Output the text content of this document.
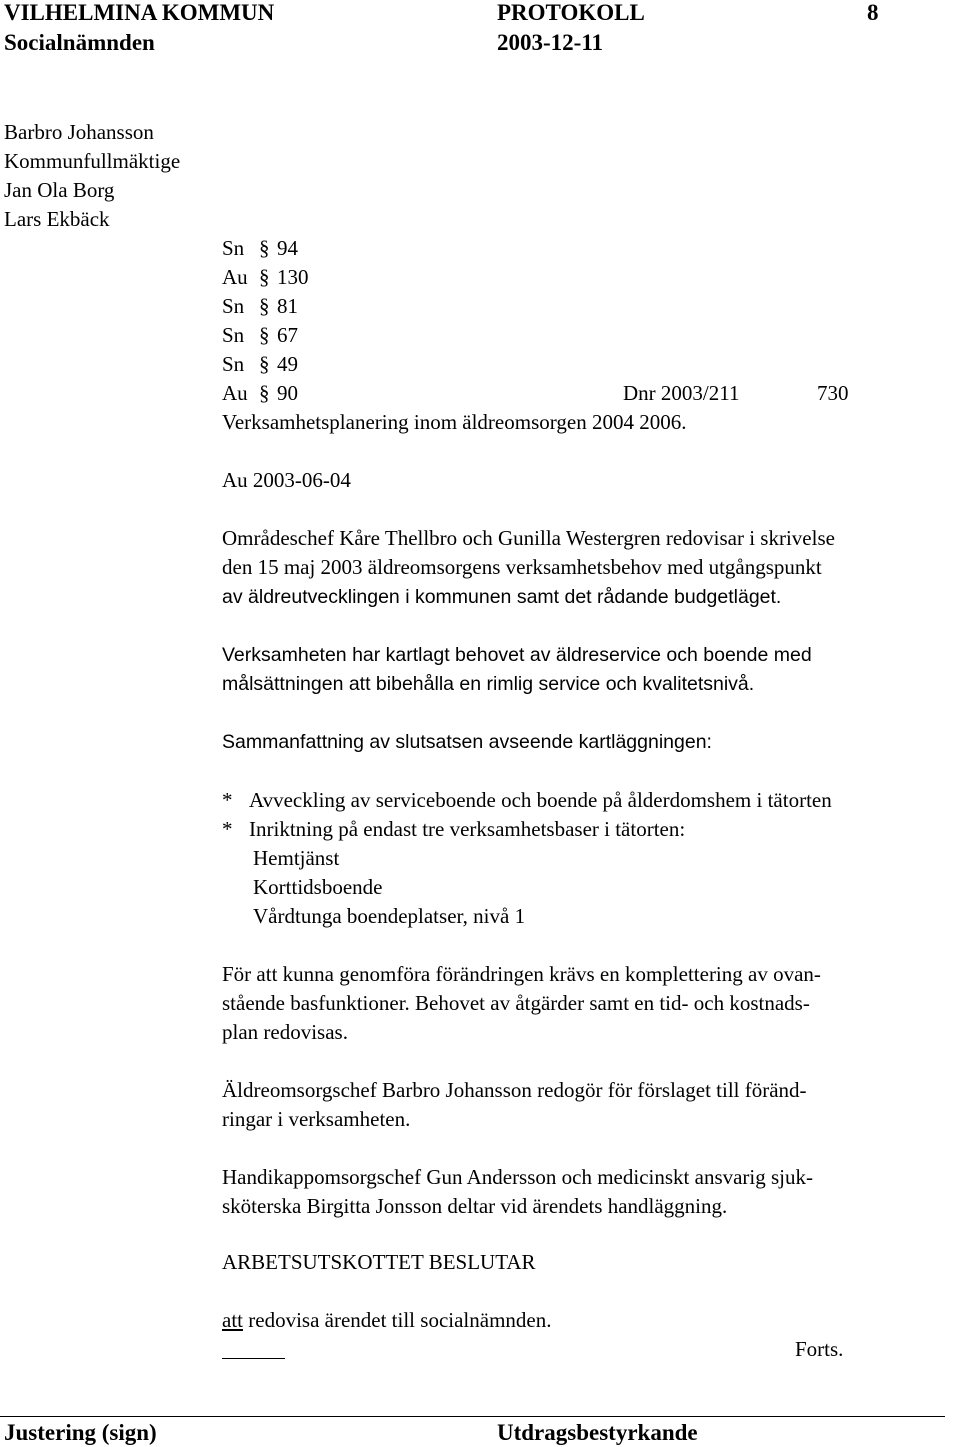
VILHELMINA KOMMUN	PROTOKOLL	8
Socialnämnden	2003-12-11
Barbro Johansson
Kommunfullmäktige
Jan Ola Borg
Lars Ekbäck
Sn § 94
Au § 130
Sn § 81
Sn § 67
Sn § 49
Au § 90	Dnr 2003/211	730
Verksamhetsplanering inom äldreomsorgen 2004 2006.
Au 2003-06-04
Områdeschef Kåre Thellbro och Gunilla Westergren redovisar i skrivelse
den 15 maj 2003 äldreomsorgens verksamhetsbehov med utgångspunkt
av äldreutvecklingen i kommunen samt det rådande budgetläget.
Verksamheten har kartlagt behovet av äldreservice och boende med
målsättningen att bibehålla en rimlig service och kvalitetsnivå.
Sammanfattning av slutsatsen avseende kartläggningen:
* Avveckling av serviceboende och boende på ålderdomshem i tätorten
* Inriktning på endast tre verksamhetsbaser i tätorten:
Hemtjänst
Korttidsboende
Vårdtunga boendeplatser, nivå 1
För att kunna genomföra förändringen krävs en komplettering av ovan-
stående basfunktioner. Behovet av åtgärder samt en tid- och kostnads-
plan redovisas.
Äldreomsorgschef Barbro Johansson redogör för förslaget till föränd-
ringar i verksamheten.
Handikappomsorgschef Gun Andersson och medicinskt ansvarig sjuk-
sköterska Birgitta Jonsson deltar vid ärendets handläggning.
ARBETSUTSKOTTET BESLUTAR
att redovisa ärendet till socialnämnden.
Forts.
Justering (sign)	Utdragsbestyrkande
